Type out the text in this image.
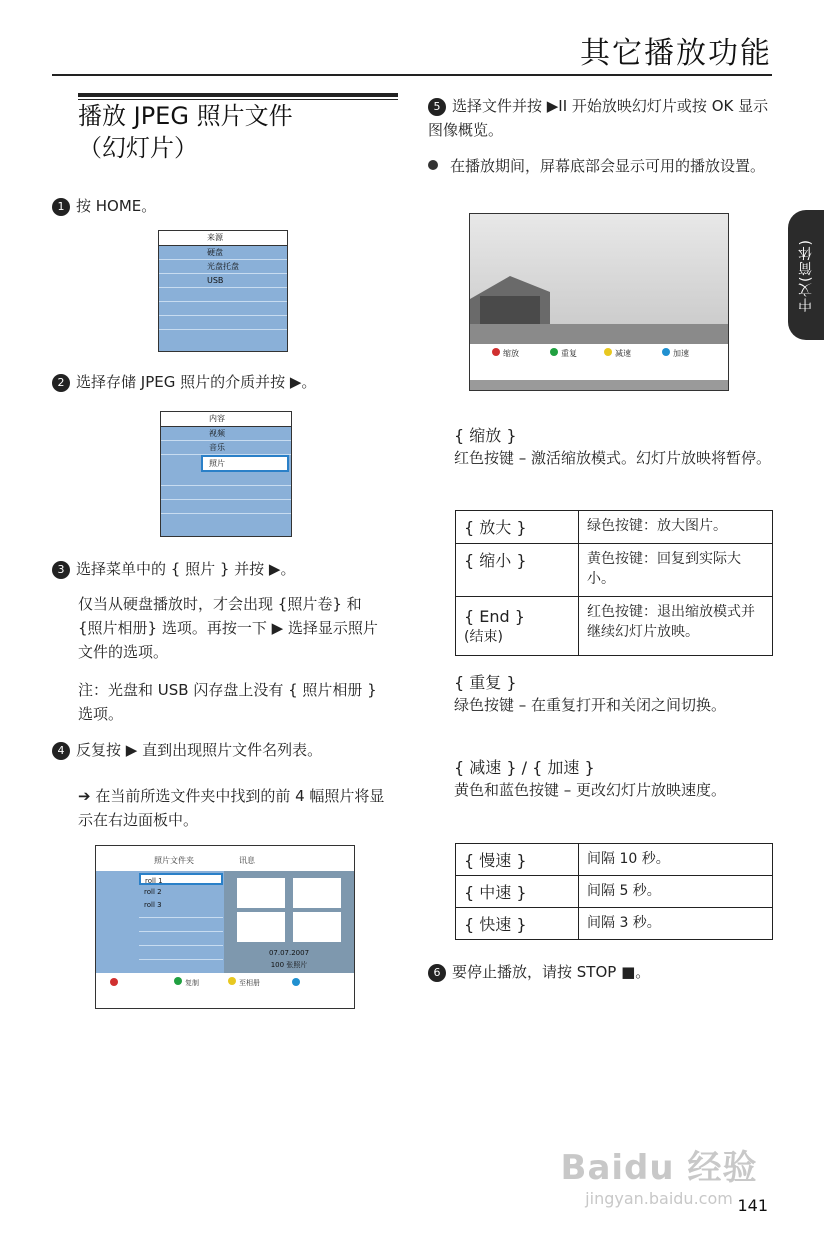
其它播放功能
中文(简体)
播放 JPEG 照片文件
（幻灯片）
1 按 HOME。
来源
硬盘
光盘托盘
USB
2 选择存储 JPEG 照片的介质并按 ▶。
内容
视频
音乐
照片
3 选择菜单中的 { 照片 } 并按 ▶。
仅当从硬盘播放时，才会出现 {照片卷} 和 {照片相册} 选项。再按一下 ▶ 选择显示照片文件的选项。
注：光盘和 USB 闪存盘上没有 { 照片相册 } 选项。
4 反复按 ▶ 直到出现照片文件名列表。
➔ 在当前所选文件夹中找到的前 4 幅照片将显示在右边面板中。
照片文件夹	讯息
roll 1
roll 2
roll 3
07.07.2007
100 张照片
复制	至相册
5 选择文件并按 ▶II 开始放映幻灯片或按 OK 显示图像概览。
在播放期间，屏幕底部会显示可用的播放设置。
缩放	重复	减速	加速
{ 缩放 }
红色按键 – 激活缩放模式。幻灯片放映将暂停。
{ 放大 }	绿色按键：放大图片。
{ 缩小 }	黄色按键：回复到实际大小。

{ End }
(结束)	红色按键：退出缩放模式并继续幻灯片放映。
{ 重复 }
绿色按键 – 在重复打开和关闭之间切换。
{ 减速 } / { 加速 }
黄色和蓝色按键 – 更改幻灯片放映速度。
{ 慢速 }	间隔 10 秒。
{ 中速 }	间隔 5 秒。
{ 快速 }	间隔 3 秒。
6 要停止播放，请按 STOP ■。
Baidu 经验
jingyan.baidu.com 141
